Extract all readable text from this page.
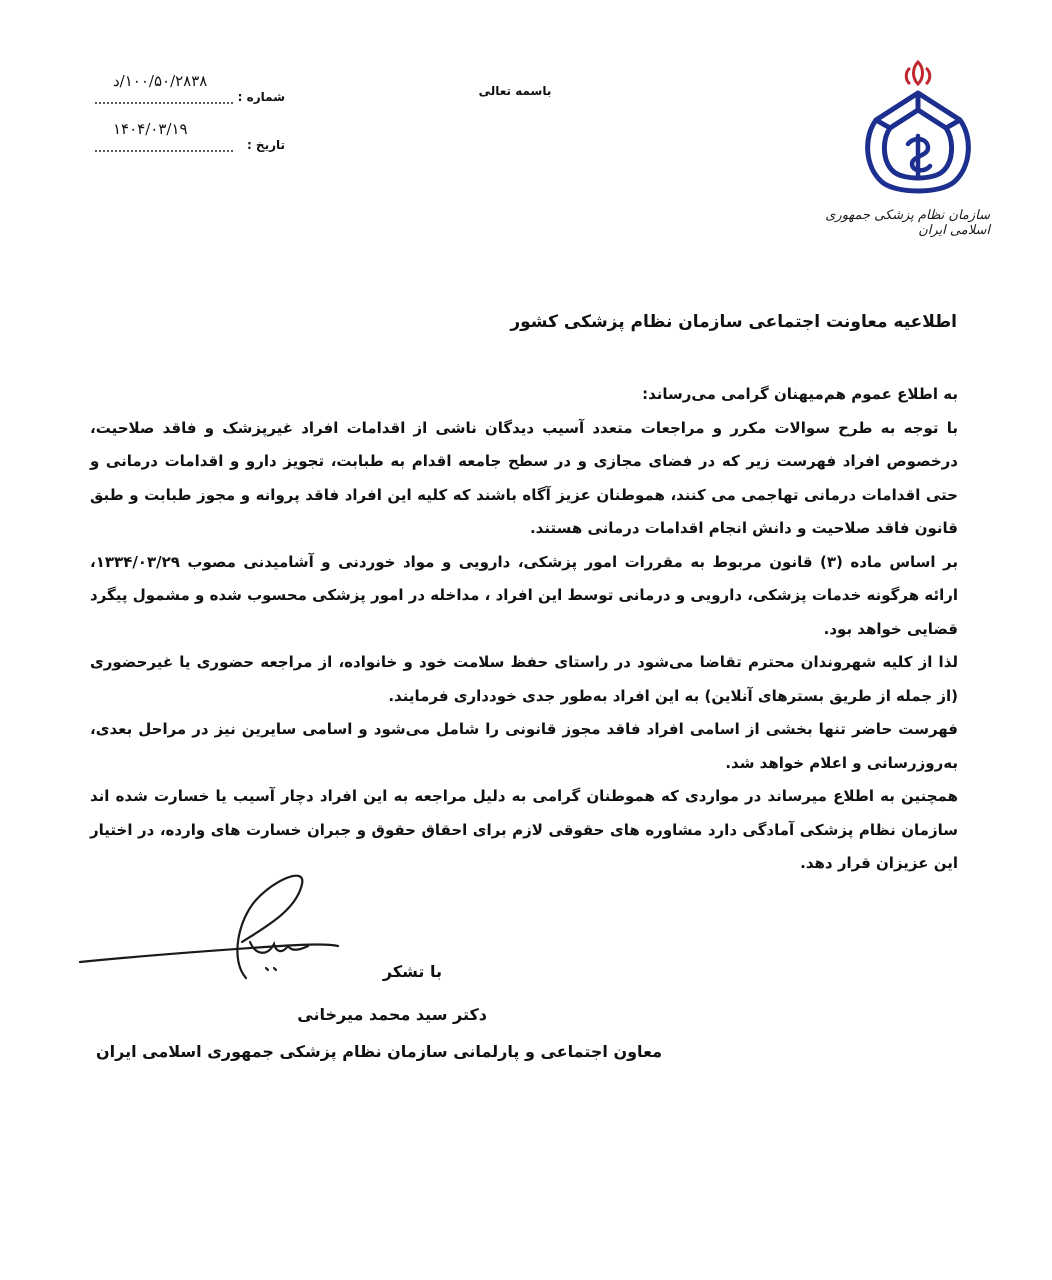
سازمان نظام پزشکی جمهوری اسلامی ایران
باسمه تعالی
شماره :
۱۰۰/۵۰/۲۸۳۸/د
تاریخ :
۱۴۰۴/۰۳/۱۹
اطلاعیه معاونت اجتماعی سازمان نظام پزشکی کشور

به اطلاع عموم هم‌میهنان گرامی می‌رساند:

با توجه به طرح سوالات مکرر و مراجعات متعدد آسیب دیدگان ناشی از اقدامات افراد غیرپزشک و فاقد صلاحیت، درخصوص افراد فهرست زیر که در فضای مجازی و در سطح جامعه اقدام به طبابت، تجویز دارو و اقدامات درمانی و حتی اقدامات درمانی تهاجمی می کنند، هموطنان عزیز آگاه باشند که کلیه این افراد فاقد پروانه و مجوز طبابت و طبق قانون فاقد صلاحیت و دانش انجام اقدامات درمانی هستند.

بر اساس ماده (۳) قانون مربوط به مقررات امور پزشکی، دارویی و مواد خوردنی و آشامیدنی مصوب ۱۳۳۴/۰۳/۲۹، ارائه هرگونه خدمات پزشکی، دارویی و درمانی توسط این افراد ، مداخله در امور پزشکی محسوب شده و مشمول پیگرد قضایی خواهد بود.

لذا از کلیه شهروندان محترم تقاضا می‌شود در راستای حفظ سلامت خود و خانواده، از مراجعه حضوری یا غیرحضوری (از جمله از طریق بسترهای آنلاین) به این افراد به‌طور جدی خودداری فرمایند.

فهرست حاضر تنها بخشی از اسامی افراد فاقد مجوز قانونی را شامل می‌شود و اسامی سایرین نیز در مراحل بعدی، به‌روزرسانی و اعلام خواهد شد.

همچنین به اطلاع میرساند در مواردی که هموطنان گرامی به دلیل مراجعه به این افراد دچار آسیب یا خسارت شده اند سازمان نظام پزشکی آمادگی دارد مشاوره های حقوقی لازم برای احقاق حقوق و جبران خسارت های وارده، در اختیار این عزیزان قرار دهد.

با تشکر
دکتر سید محمد میرخانی
معاون اجتماعی و پارلمانی سازمان نظام پزشکی جمهوری اسلامی ایران
